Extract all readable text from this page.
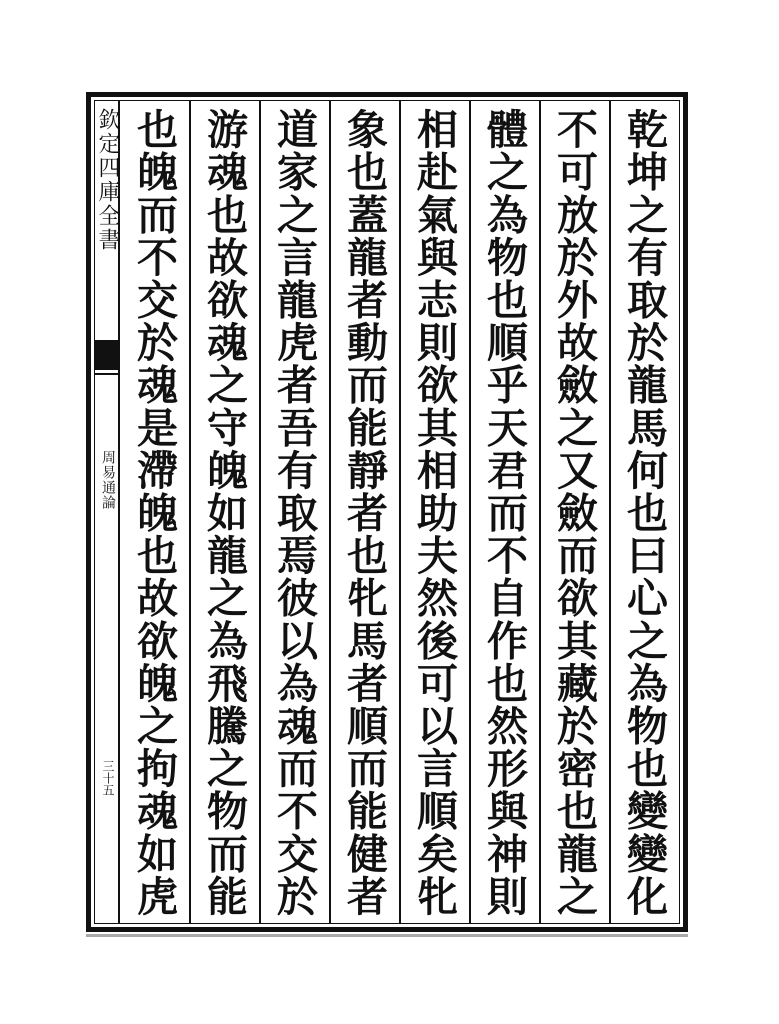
欽定四庫全書
周易通論
三十五
乾坤之有取於龍馬何也曰心之為物也變變化
不可放於外故斂之又斂而欲其藏於密也龍之
體之為物也順乎天君而不自作也然形與神則
相赴氣與志則欲其相助夫然後可以言順矣牝
象也蓋龍者動而能靜者也牝馬者順而能健者
道家之言龍虎者吾有取焉彼以為魂而不交於
游魂也故欲魂之守魄如龍之為飛騰之物而能
也魄而不交於魂是滯魄也故欲魄之拘魂如虎
